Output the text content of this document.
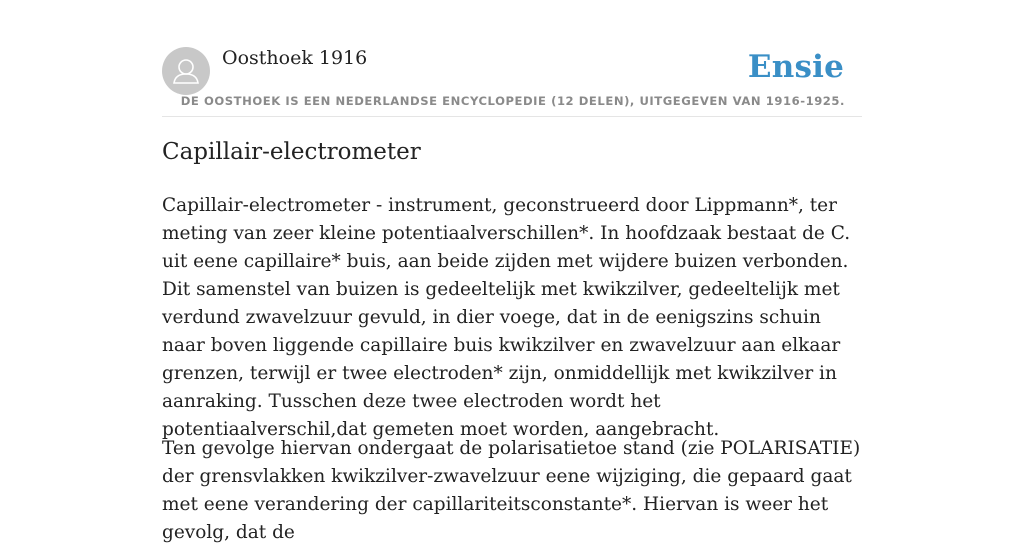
Oosthoek 1916	Ensie
DE OOSTHOEK IS EEN NEDERLANDSE ENCYCLOPEDIE (12 DELEN), UITGEGEVEN VAN 1916-1925.
Capillair-electrometer

Capillair-electrometer - instrument, geconstrueerd door Lippmann*, ter meting van zeer kleine potentiaalverschillen*. In hoofdzaak bestaat de C. uit eene capillaire* buis, aan beide zijden met wijdere buizen verbonden. Dit samenstel van buizen is gedeeltelijk met kwikzilver, gedeeltelijk met verdund zwavelzuur gevuld, in dier voege, dat in de eenigszins schuin naar boven liggende capillaire buis kwikzilver en zwavelzuur aan elkaar grenzen, terwijl er twee electroden* zijn, onmiddellijk met kwikzilver in aanraking. Tusschen deze twee electroden wordt het potentiaalverschil,dat gemeten moet worden, aangebracht.

Ten gevolge hiervan ondergaat de polarisatietoe stand (zie POLARISATIE) der grensvlakken kwikzilver-zwavelzuur eene wijziging, die gepaard gaat met eene verandering der capillariteitsconstante*. Hiervan is weer het gevolg, dat de
